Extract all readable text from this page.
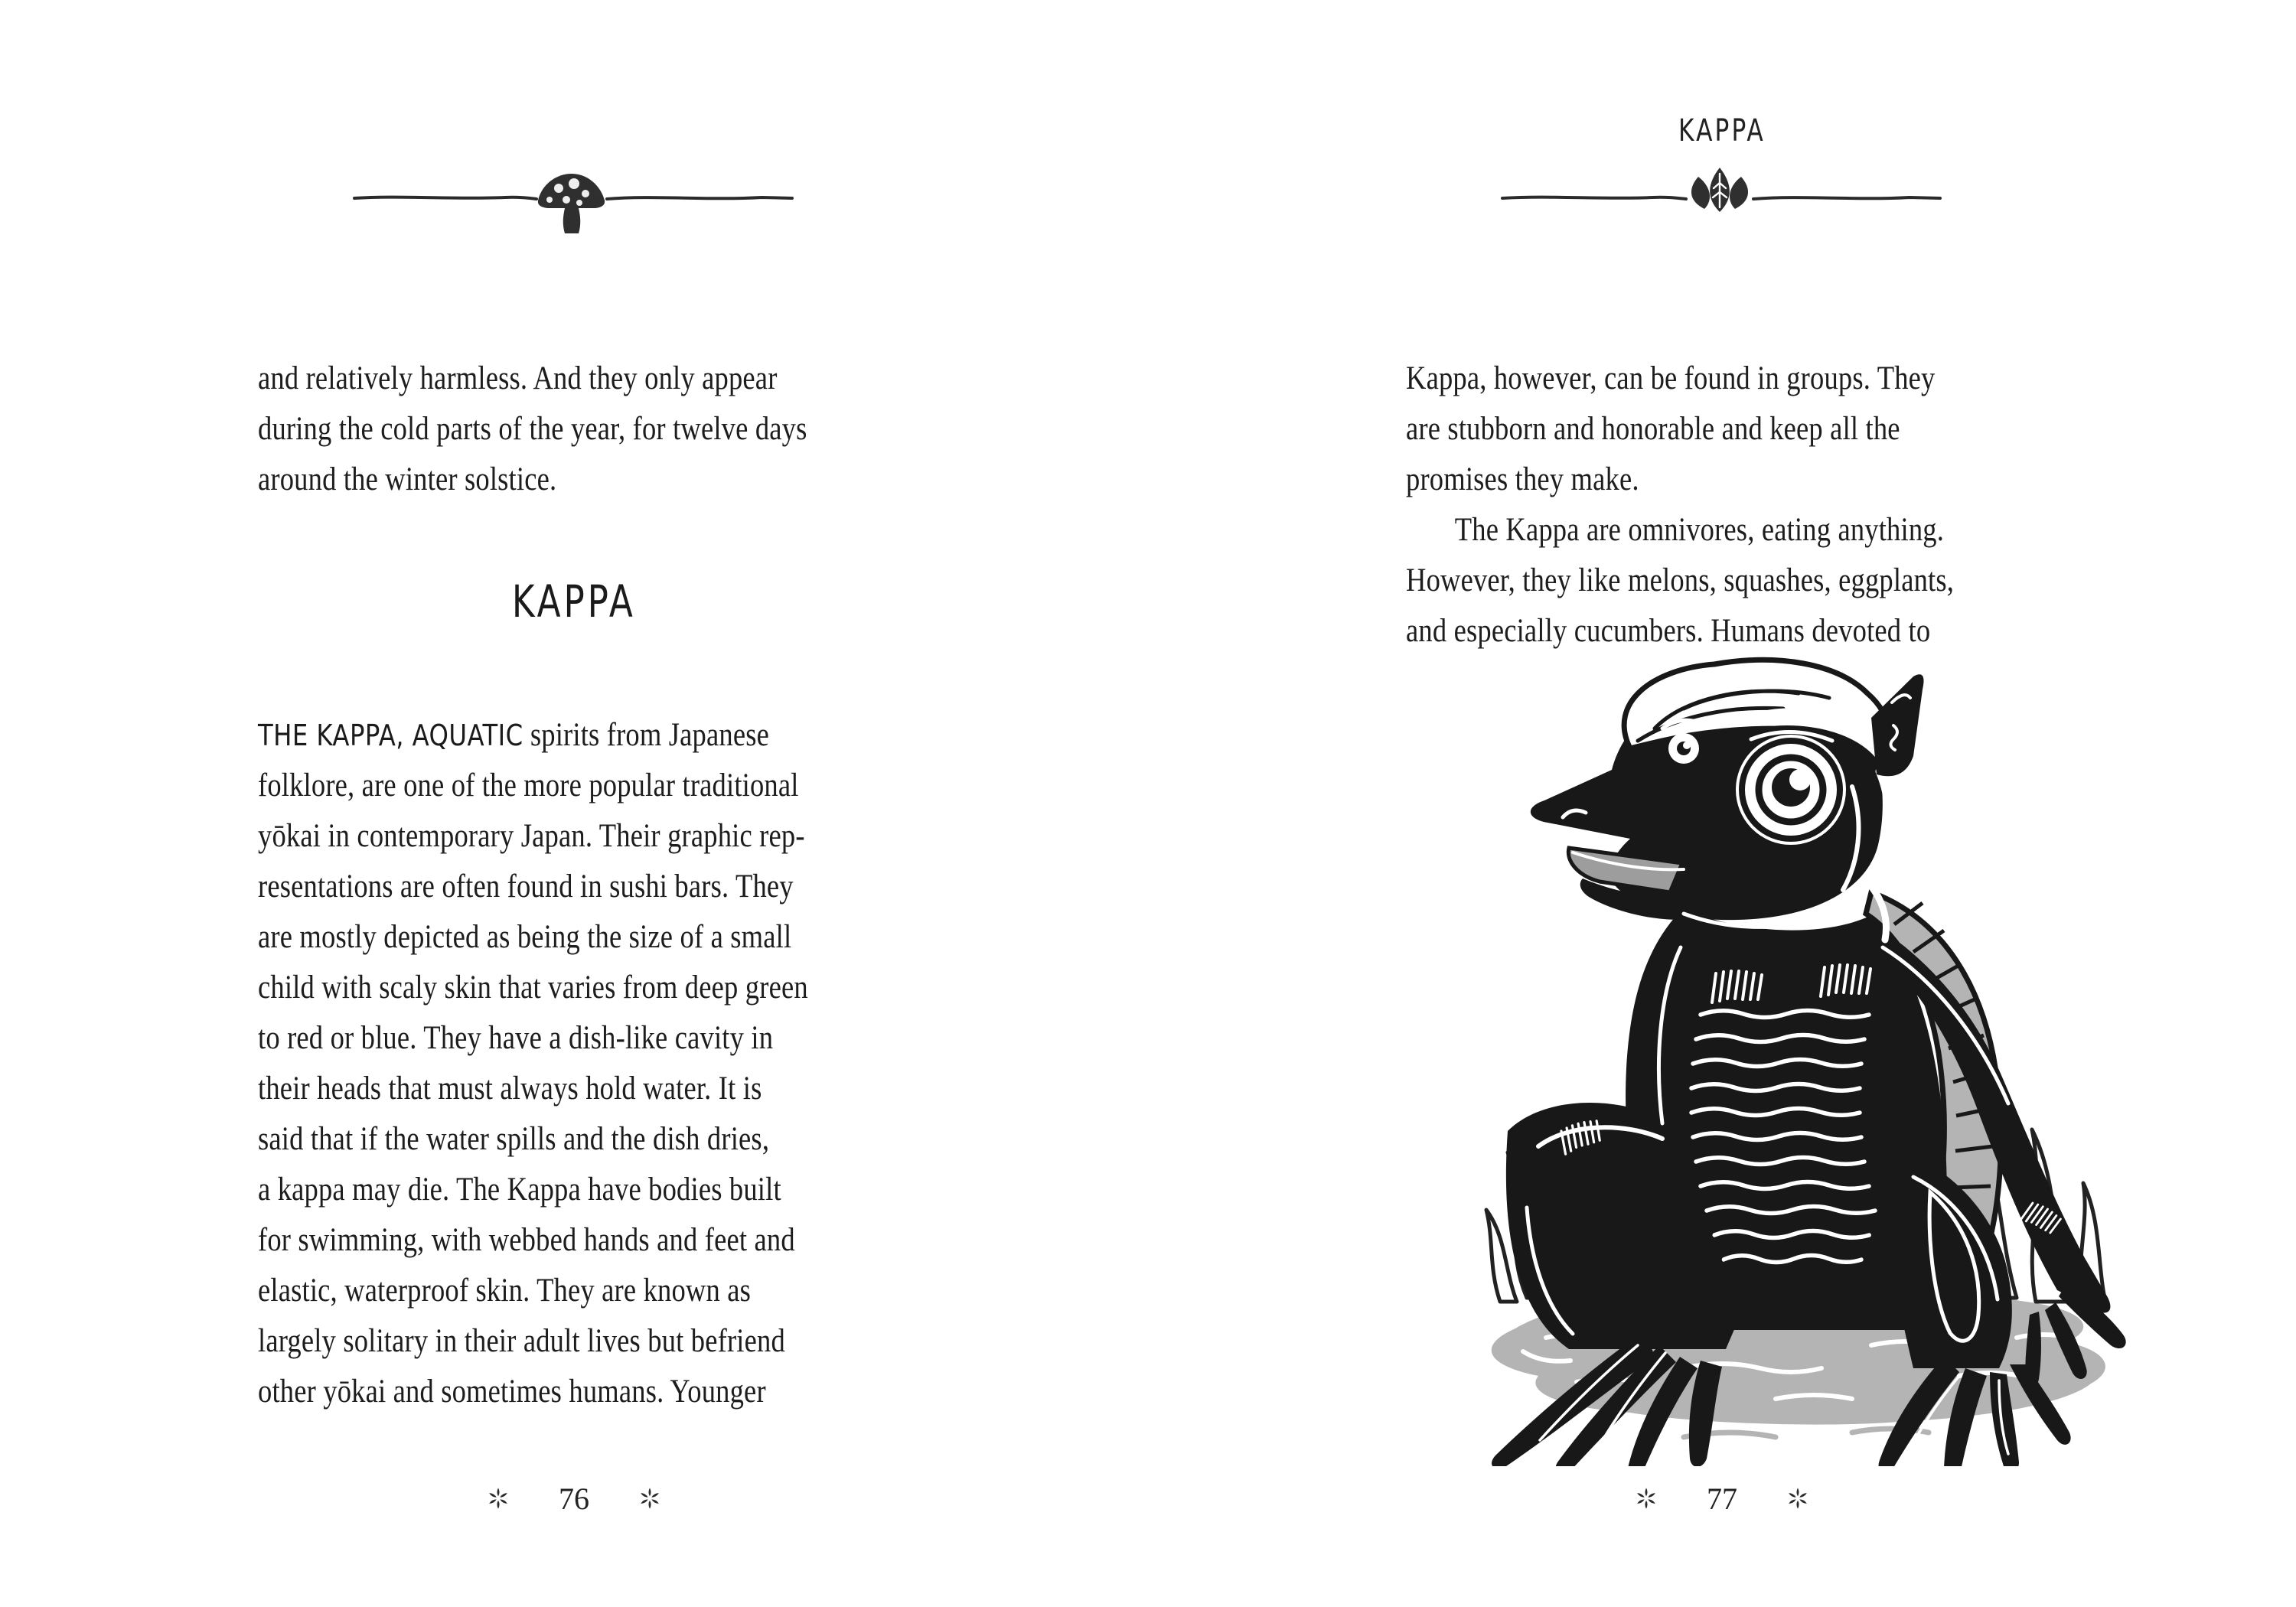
and relatively harmless. And they only appear
during the cold parts of the year, for twelve days
around the winter solstice.
KAPPA
THE KAPPA, AQUATIC spirits from Japanese
folklore, are one of the more popular traditional
yōkai in contemporary Japan. Their graphic rep-
resentations are often found in sushi bars. They
are mostly depicted as being the size of a small
child with scaly skin that varies from deep green
to red or blue. They have a dish-like cavity in
their heads that must always hold water. It is
said that if the water spills and the dish dries,
a kappa may die. The Kappa have bodies built
for swimming, with webbed hands and feet and
elastic, waterproof skin. They are known as
largely solitary in their adult lives but befriend
other yōkai and sometimes humans. Younger
76
KAPPA
Kappa, however, can be found in groups. They
are stubborn and honorable and keep all the
promises they make.
The Kappa are omnivores, eating anything.
However, they like melons, squashes, eggplants,
and especially cucumbers. Humans devoted to
77
